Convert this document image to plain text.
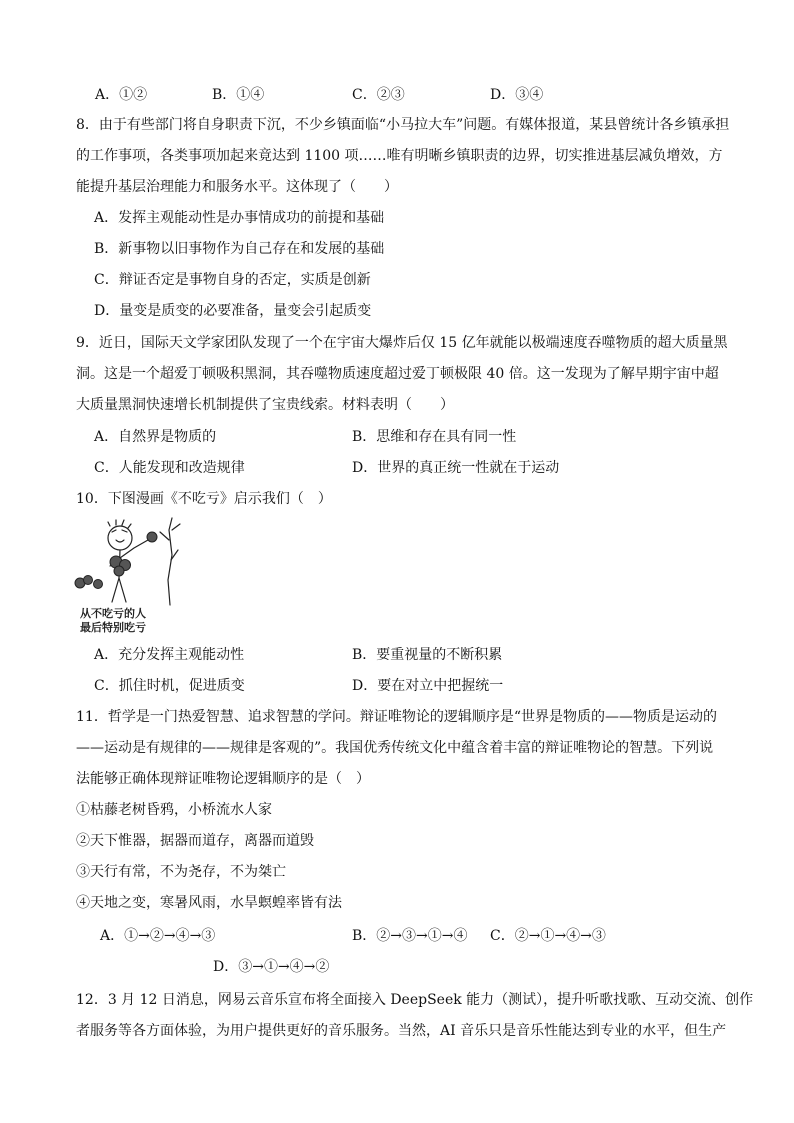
A．①②	B．①④	C．②③	D．③④
8．由于有些部门将自身职责下沉，不少乡镇面临“小马拉大车”问题。有媒体报道，某县曾统计各乡镇承担
的工作事项，各类事项加起来竟达到 1100 项……唯有明晰乡镇职责的边界，切实推进基层减负增效，方
能提升基层治理能力和服务水平。这体现了（　　）
A．发挥主观能动性是办事情成功的前提和基础
B．新事物以旧事物作为自己存在和发展的基础
C．辩证否定是事物自身的否定，实质是创新
D．量变是质变的必要准备，量变会引起质变
9．近日，国际天文学家团队发现了一个在宇宙大爆炸后仅 15 亿年就能以极端速度吞噬物质的超大质量黑
洞。这是一个超爱丁顿吸积黑洞，其吞噬物质速度超过爱丁顿极限 40 倍。这一发现为了解早期宇宙中超
大质量黑洞快速增长机制提供了宝贵线索。材料表明（　　）
A．自然界是物质的	B．思维和存在具有同一性
C．人能发现和改造规律	D．世界的真正统一性就在于运动
10．下图漫画《不吃亏》启示我们（　）
从不吃亏的人
最后特别吃亏
A．充分发挥主观能动性	B．要重视量的不断积累
C．抓住时机，促进质变	D．要在对立中把握统一
11．哲学是一门热爱智慧、追求智慧的学问。辩证唯物论的逻辑顺序是“世界是物质的——物质是运动的
——运动是有规律的——规律是客观的”。我国优秀传统文化中蕴含着丰富的辩证唯物论的智慧。下列说
法能够正确体现辩证唯物论逻辑顺序的是（　）
①枯藤老树昏鸦，小桥流水人家
②天下惟器，据器而道存，离器而道毁
③天行有常，不为尧存，不为桀亡
④天地之变，寒暑风雨，水旱螟蝗率皆有法
A．①→②→④→③	B．②→③→①→④ C．②→①→④→③
D．③→①→④→②
12．3 月 12 日消息，网易云音乐宣布将全面接入 DeepSeek 能力（测试），提升听歌找歌、互动交流、创作
者服务等各方面体验，为用户提供更好的音乐服务。当然，AI 音乐只是音乐性能达到专业的水平，但生产
